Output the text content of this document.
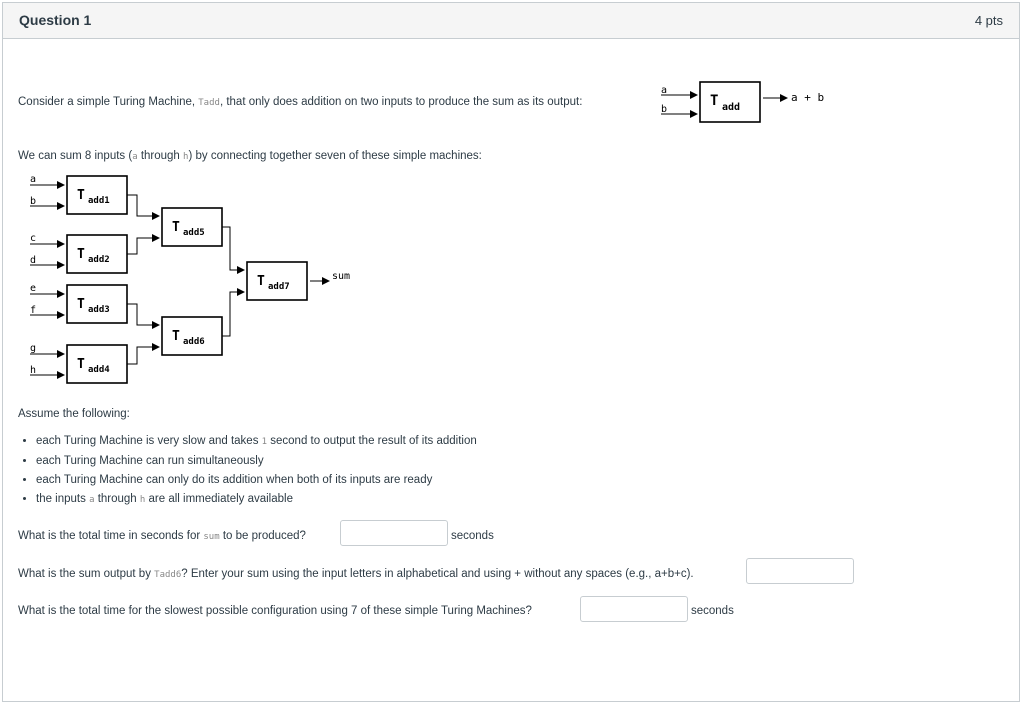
Question 1	4 pts
Consider a simple Turing Machine, Tadd, that only does addition on two inputs to produce the sum as its output:
a
b
T add
a + b
We can sum 8 inputs (a through h) by connecting together seven of these simple machines:
a
b	T add1
c
d	T add2
e
f	T add3
g
h	T add4
T add5
T add6
T add7
sum
Assume the following:
• each Turing Machine is very slow and takes 1 second to output the result of its addition
• each Turing Machine can run simultaneously
• each Turing Machine can only do its addition when both of its inputs are ready
• the inputs a through h are all immediately available
What is the total time in seconds for sum to be produced?	seconds
What is the sum output by Tadd6? Enter your sum using the input letters in alphabetical and using + without any spaces (e.g., a+b+c).
What is the total time for the slowest possible configuration using 7 of these simple Turing Machines?	seconds
